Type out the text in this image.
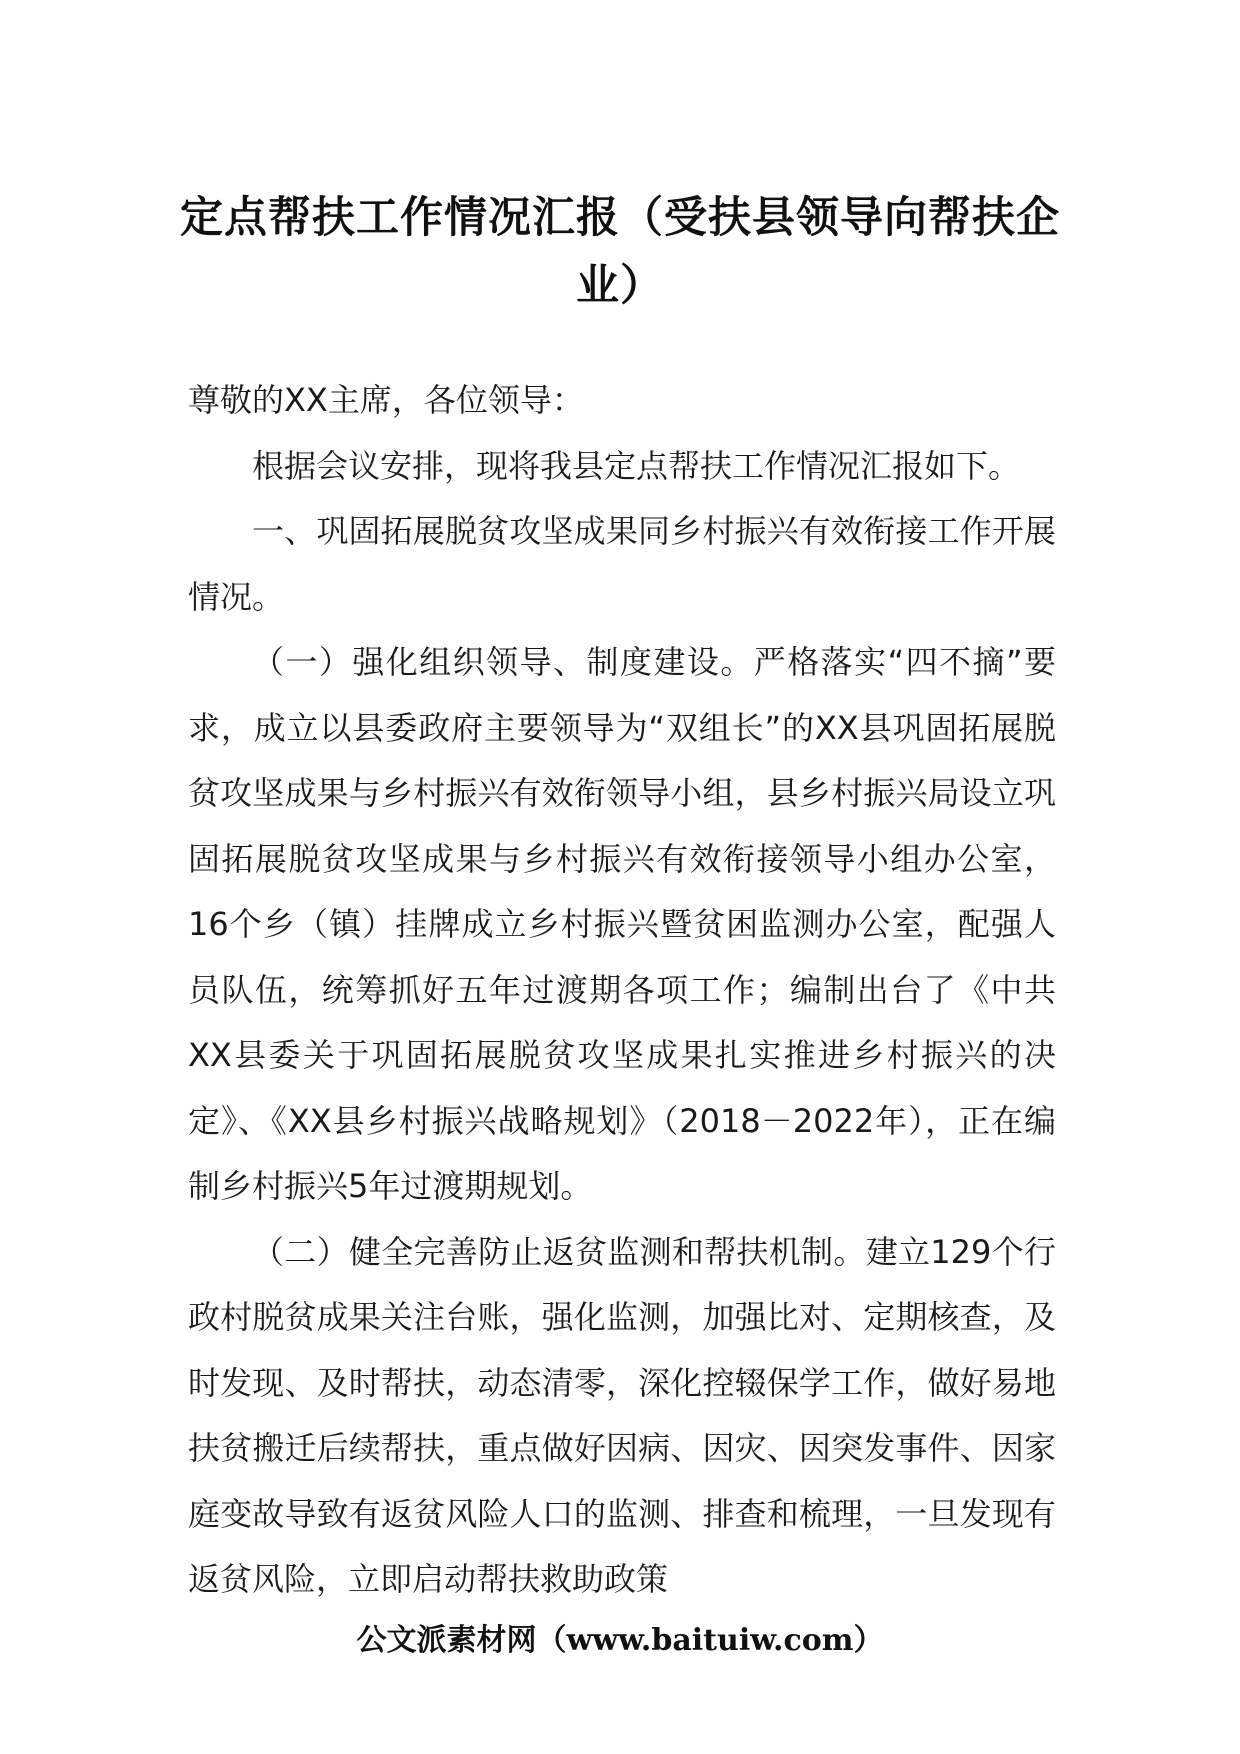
定点帮扶工作情况汇报（受扶县领导向帮扶企业）

尊敬的XX主席，各位领导：

根据会议安排，现将我县定点帮扶工作情况汇报如下。

一、巩固拓展脱贫攻坚成果同乡村振兴有效衔接工作开展情况。

（一）强化组织领导、制度建设。严格落实“四不摘”要求，成立以县委政府主要领导为“双组长”的XX县巩固拓展脱贫攻坚成果与乡村振兴有效衔领导小组，县乡村振兴局设立巩固拓展脱贫攻坚成果与乡村振兴有效衔接领导小组办公室，16个乡（镇）挂牌成立乡村振兴暨贫困监测办公室，配强人员队伍，统筹抓好五年过渡期各项工作；编制出台了《中共XX县委关于巩固拓展脱贫攻坚成果扎实推进乡村振兴的决定》、《XX县乡村振兴战略规划》（2018－2022年），正在编制乡村振兴5年过渡期规划。

（二）健全完善防止返贫监测和帮扶机制。建立129个行政村脱贫成果关注台账，强化监测，加强比对、定期核查，及时发现、及时帮扶，动态清零，深化控辍保学工作，做好易地扶贫搬迁后续帮扶，重点做好因病、因灾、因突发事件、因家庭变故导致有返贫风险人口的监测、排查和梳理，一旦发现有返贫风险，立即启动帮扶救助政策

公文派素材网（www.baituiw.com）
